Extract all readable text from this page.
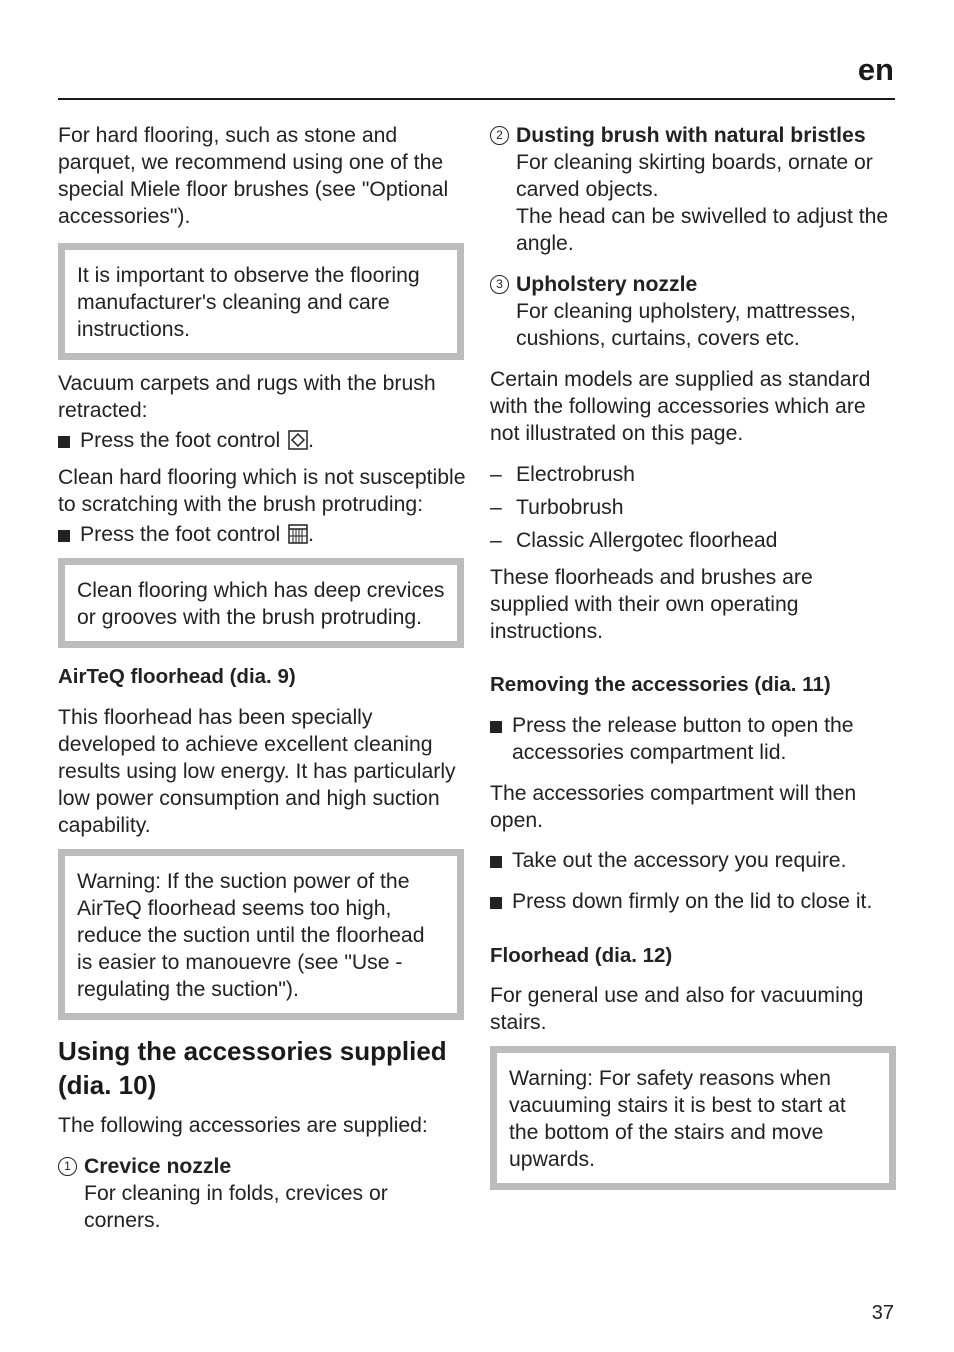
en

For hard flooring, such as stone and parquet, we recommend using one of the special Miele floor brushes (see "Optional accessories").

It is important to observe the flooring manufacturer's cleaning and care instructions.

Vacuum carpets and rugs with the brush retracted:

Press the foot control .

Clean hard flooring which is not susceptible to scratching with the brush protruding:

Press the foot control .
Clean flooring which has deep crevices or grooves with the brush protruding.
AirTeQ floorhead (dia. 9)

This floorhead has been specially developed to achieve excellent cleaning results using low energy. It has particularly low power consumption and high suction capability.

Warning: If the suction power of the AirTeQ floorhead seems too high, reduce the suction until the floorhead is easier to manouevre (see "Use - regulating the suction").
Using the accessories supplied (dia. 10)

The following accessories are supplied:

1 Crevice nozzle
For cleaning in folds, crevices or corners.
2 Dusting brush with natural bristles
For cleaning skirting boards, ornate or carved objects.
The head can be swivelled to adjust the angle.
3 Upholstery nozzle
For cleaning upholstery, mattresses, cushions, curtains, covers etc.

Certain models are supplied as standard with the following accessories which are not illustrated on this page.

– Electrobrush
– Turbobrush
– Classic Allergotec floorhead

These floorheads and brushes are supplied with their own operating instructions.

Removing the accessories (dia. 11)
Press the release button to open the accessories compartment lid.

The accessories compartment will then open.

Take out the accessory you require.
Press down firmly on the lid to close it.
Floorhead (dia. 12)

For general use and also for vacuuming stairs.

Warning: For safety reasons when vacuuming stairs it is best to start at the bottom of the stairs and move upwards.
37
